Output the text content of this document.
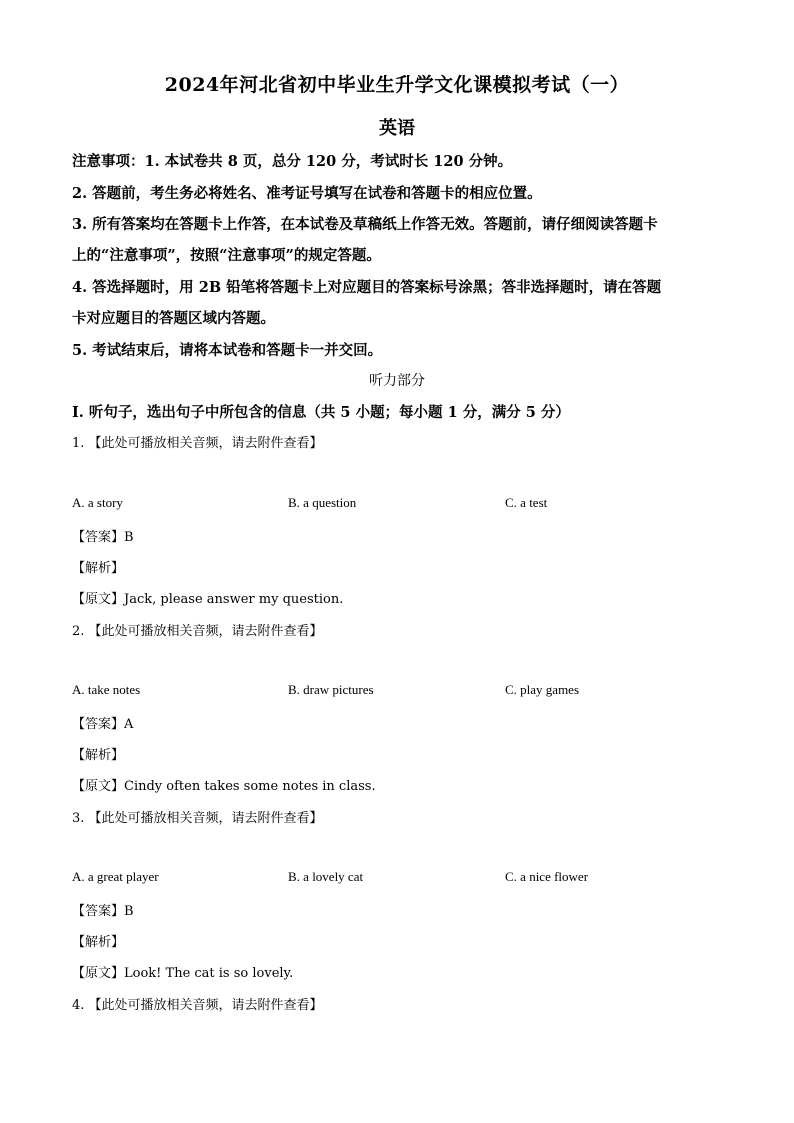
2024年河北省初中毕业生升学文化课模拟考试（一）
英语
注意事项：1. 本试卷共 8 页，总分 120 分，考试时长 120 分钟。
2. 答题前，考生务必将姓名、准考证号填写在试卷和答题卡的相应位置。
3. 所有答案均在答题卡上作答，在本试卷及草稿纸上作答无效。答题前，请仔细阅读答题卡
上的“注意事项”，按照“注意事项”的规定答题。
4. 答选择题时，用 2B 铅笔将答题卡上对应题目的答案标号涂黑；答非选择题时，请在答题
卡对应题目的答题区域内答题。
5. 考试结束后，请将本试卷和答题卡一并交回。
听力部分
I. 听句子，选出句子中所包含的信息（共 5 小题；每小题 1 分，满分 5 分）
1. 【此处可播放相关音频，请去附件查看】
A. a story	B. a question	C. a test
【答案】B
【解析】
【原文】Jack, please answer my question.
2. 【此处可播放相关音频，请去附件查看】
A. take notes	B. draw pictures	C. play games
【答案】A
【解析】
【原文】Cindy often takes some notes in class.
3. 【此处可播放相关音频，请去附件查看】
A. a great player	B. a lovely cat	C. a nice flower
【答案】B
【解析】
【原文】Look! The cat is so lovely.
4. 【此处可播放相关音频，请去附件查看】
